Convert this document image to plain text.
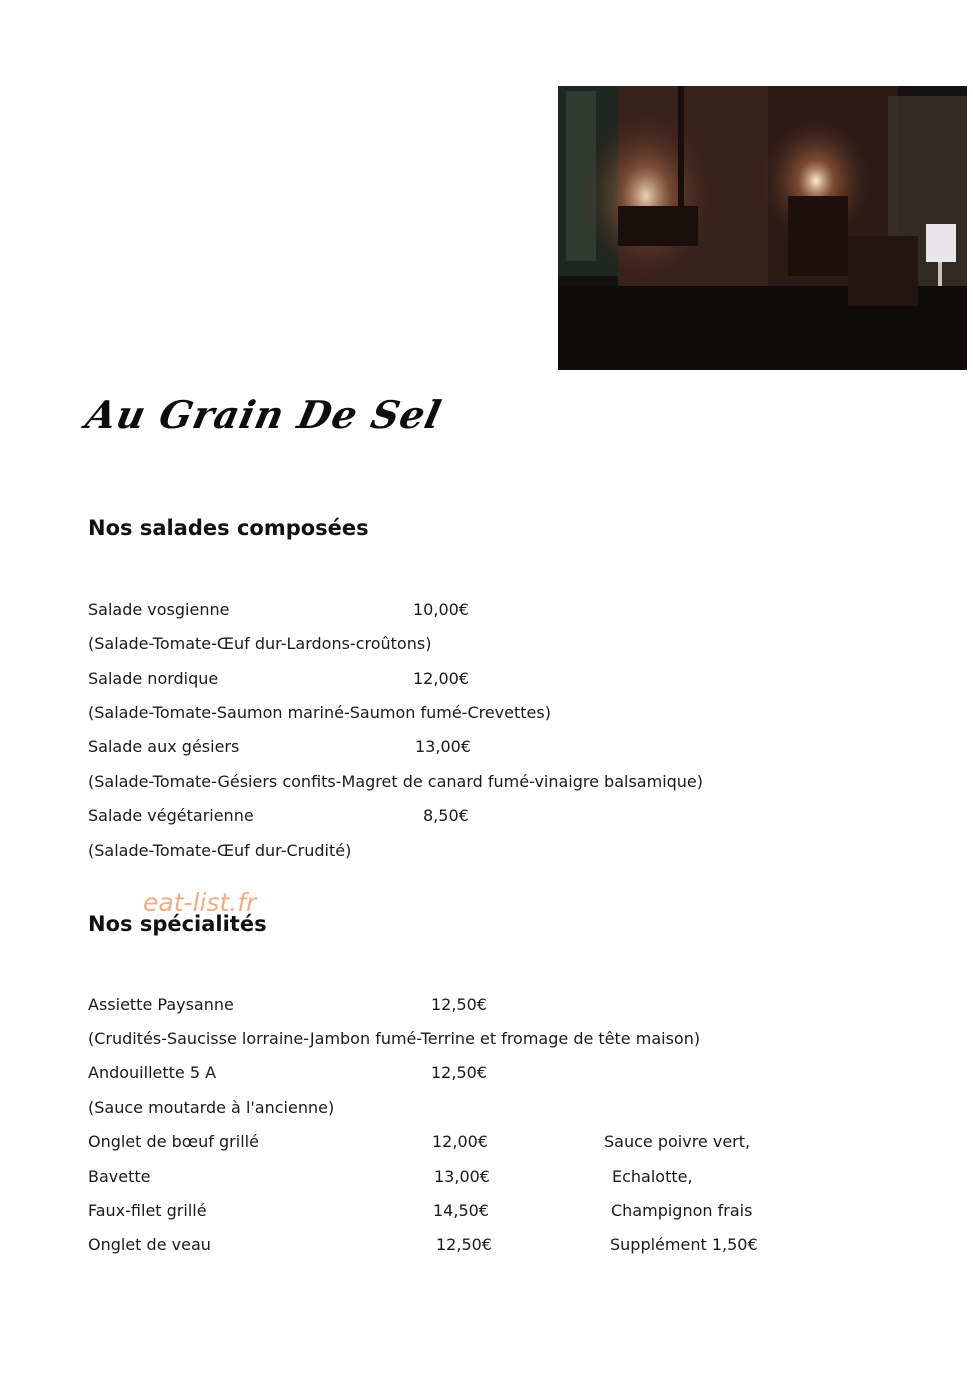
Au Grain De Sel
Nos salades composées
Salade vosgienne	10,00€
(Salade-Tomate-Œuf dur-Lardons-croûtons)
Salade nordique	12,00€
(Salade-Tomate-Saumon mariné-Saumon fumé-Crevettes)
Salade aux gésiers	13,00€
(Salade-Tomate-Gésiers confits-Magret de canard fumé-vinaigre balsamique)
Salade végétarienne	8,50€
(Salade-Tomate-Œuf dur-Crudité)
Nos spécialités
eat-list.fr
Assiette Paysanne	12,50€
(Crudités-Saucisse lorraine-Jambon fumé-Terrine et fromage de tête maison)
Andouillette 5 A	12,50€
(Sauce moutarde à l'ancienne)
Onglet de bœuf grillé	12,00€	Sauce poivre vert,
Bavette	13,00€	Echalotte,
Faux-filet grillé	14,50€	Champignon frais
Onglet de veau	12,50€	Supplément 1,50€
